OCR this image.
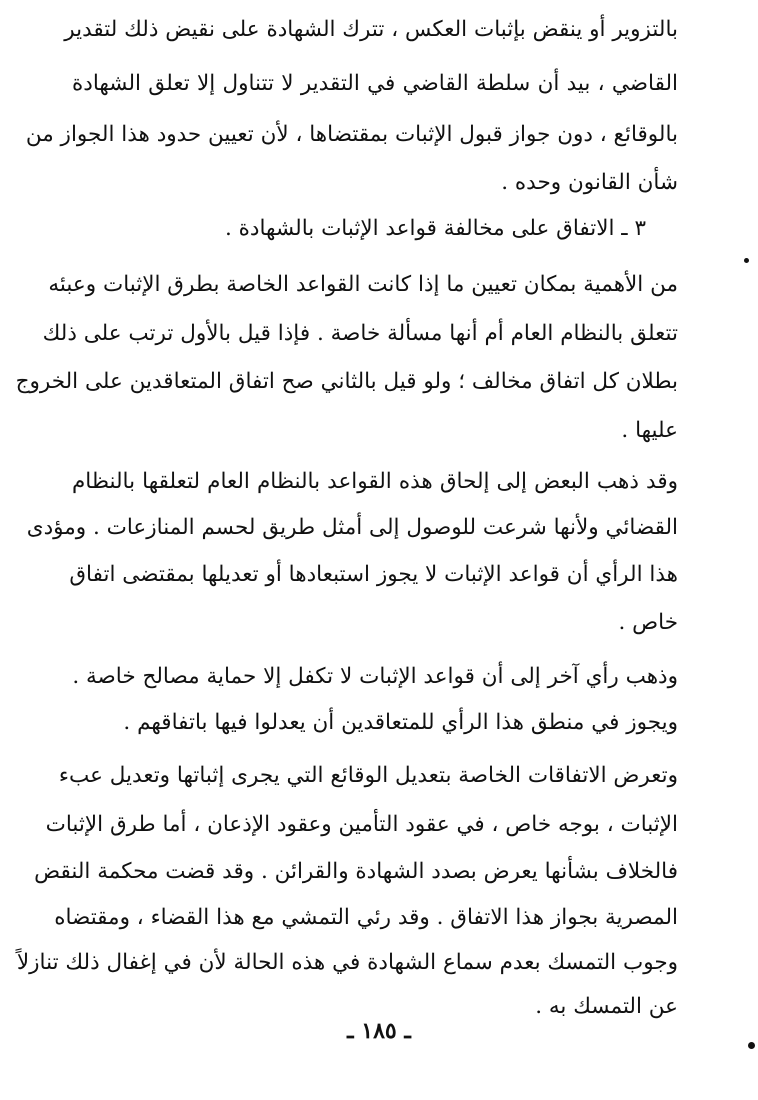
بالتزوير أو ينقض بإثبات العكس ، تترك الشهادة على نقيض ذلك لتقدير
القاضي ، بيد أن سلطة القاضي في التقدير لا تتناول إلا تعلق الشهادة
بالوقائع ، دون جواز قبول الإثبات بمقتضاها ، لأن تعيين حدود هذا الجواز من
شأن القانون وحده .
٣ ـ الاتفاق على مخالفة قواعد الإثبات بالشهادة .
من الأهمية بمكان تعيين ما إذا كانت القواعد الخاصة بطرق الإثبات وعبئه
تتعلق بالنظام العام أم أنها مسألة خاصة . فإذا قيل بالأول ترتب على ذلك
بطلان كل اتفاق مخالف ؛ ولو قيل بالثاني صح اتفاق المتعاقدين على الخروج
عليها .
وقد ذهب البعض إلى إلحاق هذه القواعد بالنظام العام لتعلقها بالنظام
القضائي ولأنها شرعت للوصول إلى أمثل طريق لحسم المنازعات . ومؤدى
هذا الرأي أن قواعد الإثبات لا يجوز استبعادها أو تعديلها بمقتضى اتفاق
خاص .
وذهب رأي آخر إلى أن قواعد الإثبات لا تكفل إلا حماية مصالح خاصة .
ويجوز في منطق هذا الرأي للمتعاقدين أن يعدلوا فيها باتفاقهم .
وتعرض الاتفاقات الخاصة بتعديل الوقائع التي يجرى إثباتها وتعديل عبء
الإثبات ، بوجه خاص ، في عقود التأمين وعقود الإذعان ، أما طرق الإثبات
فالخلاف بشأنها يعرض بصدد الشهادة والقرائن . وقد قضت محكمة النقض
المصرية بجواز هذا الاتفاق . وقد رئي التمشي مع هذا القضاء ، ومقتضاه
وجوب التمسك بعدم سماع الشهادة في هذه الحالة لأن في إغفال ذلك تنازلاً
عن التمسك به .
ـ ١٨٥ ـ
